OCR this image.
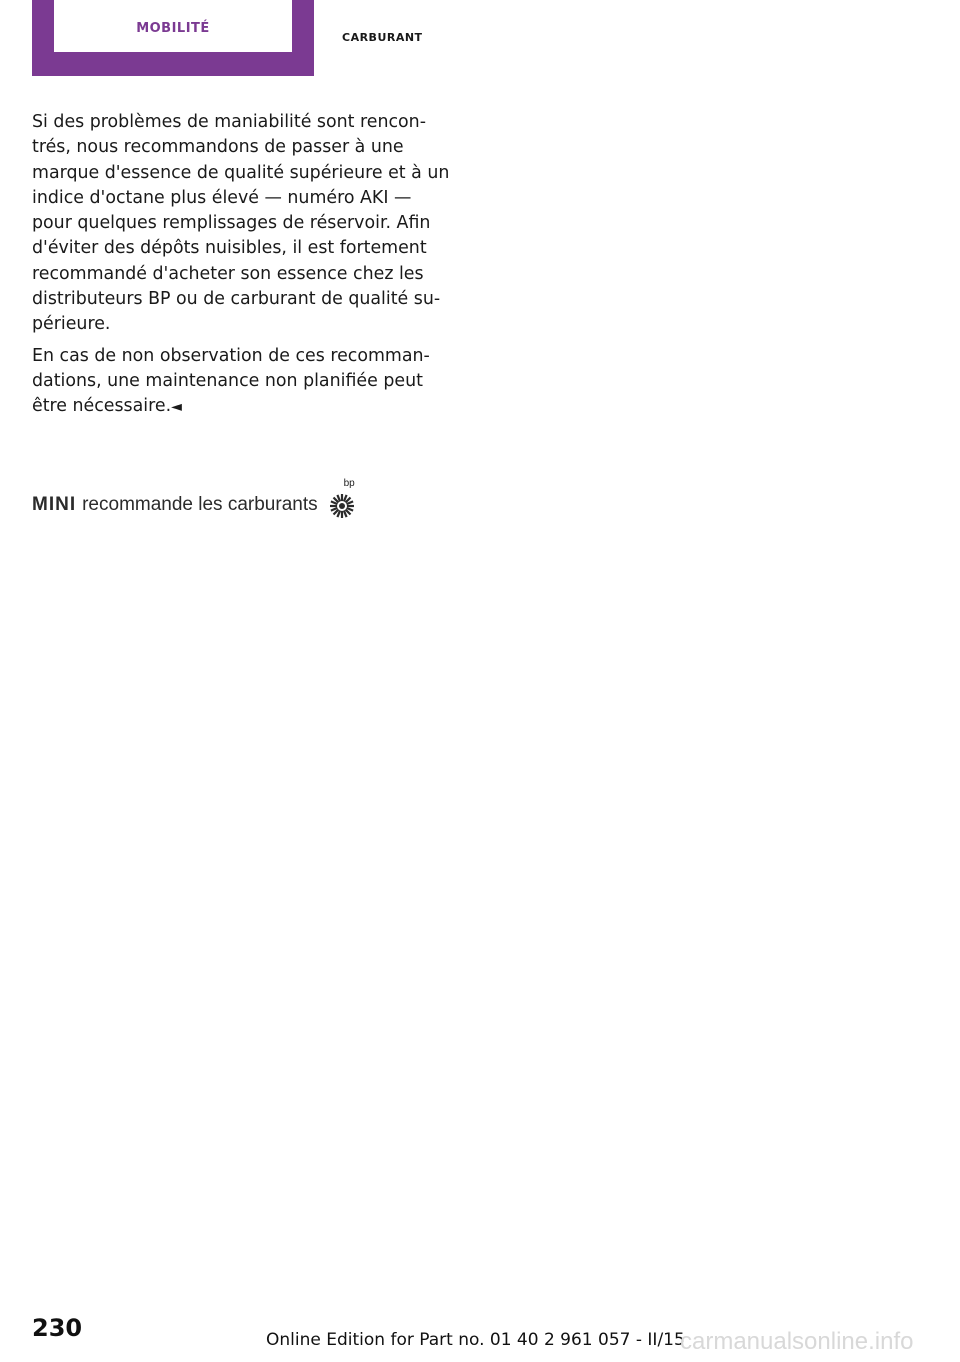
mobilité	carburant

Si des problèmes de maniabilité sont rencon- trés, nous recommandons de passer à une marque d'essence de qualité supérieure et à un indice d'octane plus élevé — numéro AKI — pour quelques remplissages de réservoir. Afin d'éviter des dépôts nuisibles, il est fortement recommandé d'acheter son essence chez les distributeurs BP ou de carburant de qualité su- périeure.

En cas de non observation de ces recomman- dations, une maintenance non planifiée peut être nécessaire.◄

MINI recommande les carburants
bp
230	Online Edition for Part no. 01 40 2 961 057 - II/15
carmanualsonline.info
